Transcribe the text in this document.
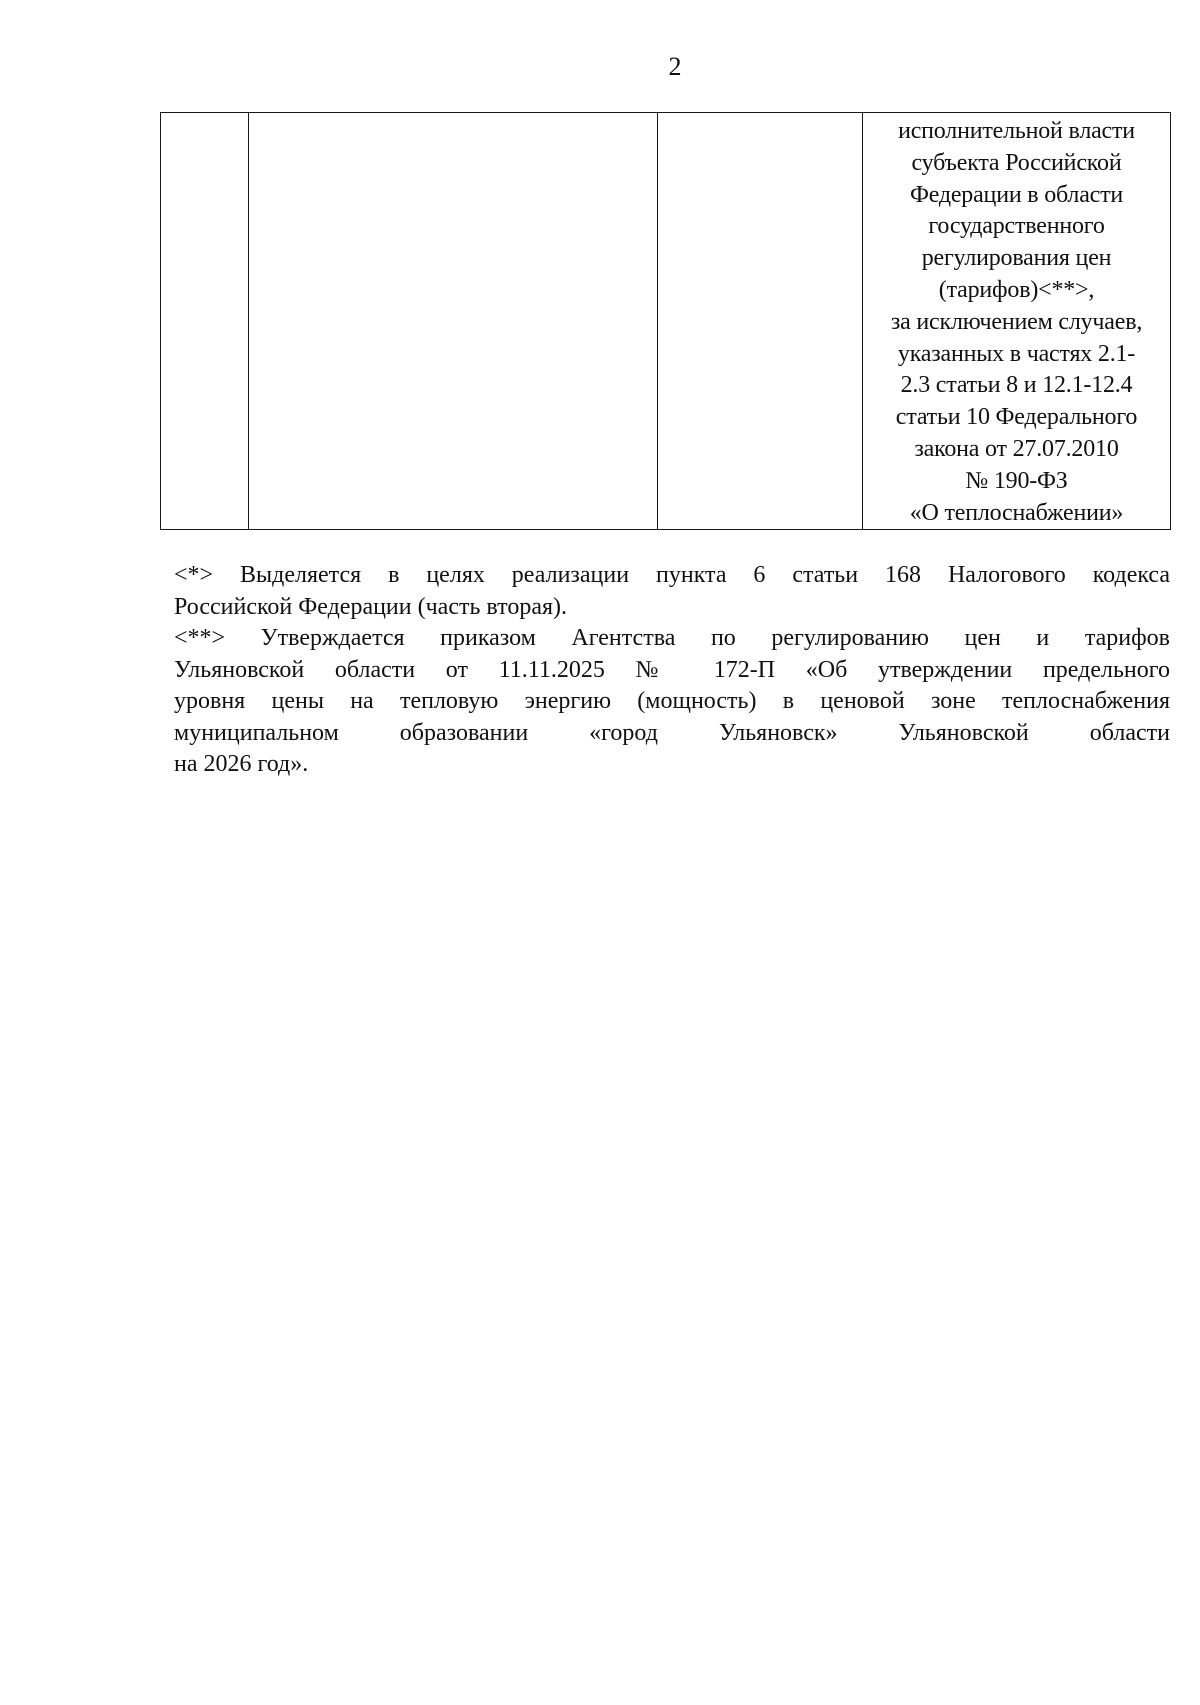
2

исполнительной власти
субъекта Российской
Федерации в области
государственного
регулирования цен
(тарифов)<**>,
за исключением случаев,
указанных в частях 2.1-
2.3 статьи 8 и 12.1-12.4
статьи 10 Федерального
закона от 27.07.2010
№ 190-ФЗ
«О теплоснабжении»
<*> Выделяется в целях реализации пункта 6 статьи 168 Налогового кодекса
Российской Федерации (часть вторая).
<**> Утверждается приказом Агентства по регулированию цен и тарифов
Ульяновской области от 11.11.2025 № 172-П «Об утверждении предельного
уровня цены на тепловую энергию (мощность) в ценовой зоне теплоснабжения
муниципальном образовании «город Ульяновск» Ульяновской области
на 2026 год».
